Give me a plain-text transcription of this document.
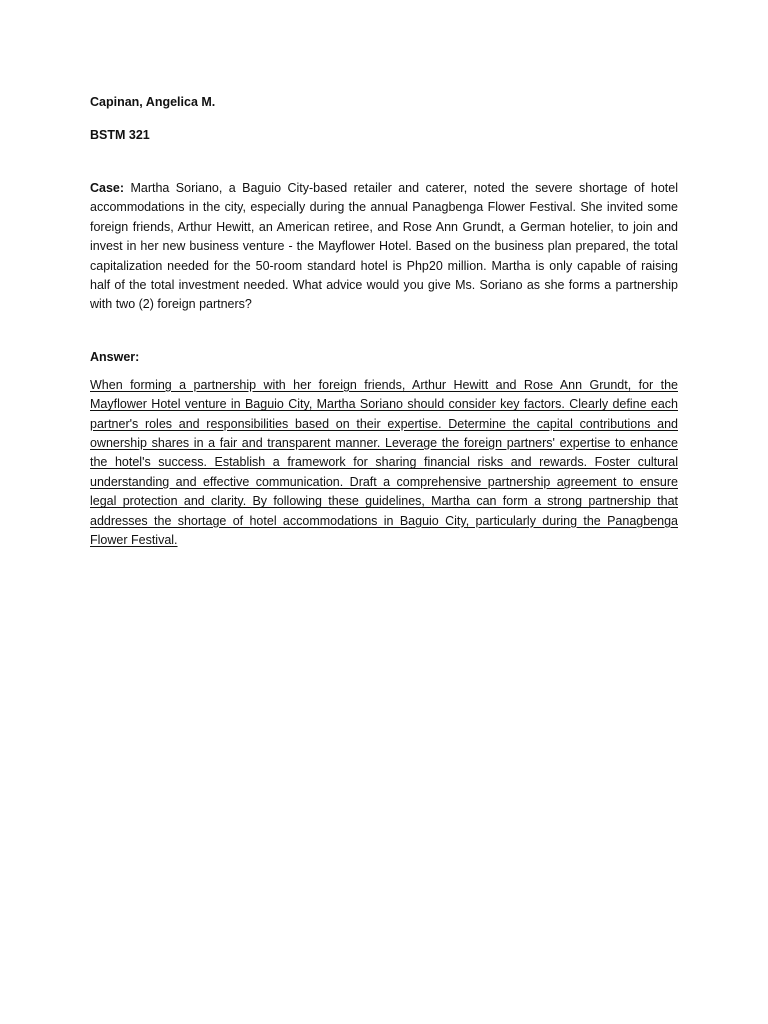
Capinan, Angelica M.

BSTM 321

Case: Martha Soriano, a Baguio City-based retailer and caterer, noted the severe shortage of hotel accommodations in the city, especially during the annual Panagbenga Flower Festival. She invited some foreign friends, Arthur Hewitt, an American retiree, and Rose Ann Grundt, a German hotelier, to join and invest in her new business venture - the Mayflower Hotel. Based on the business plan prepared, the total capitalization needed for the 50-room standard hotel is Php20 million. Martha is only capable of raising half of the total investment needed. What advice would you give Ms. Soriano as she forms a partnership with two (2) foreign partners?

Answer:

When forming a partnership with her foreign friends, Arthur Hewitt and Rose Ann Grundt, for the Mayflower Hotel venture in Baguio City, Martha Soriano should consider key factors. Clearly define each partner's roles and responsibilities based on their expertise. Determine the capital contributions and ownership shares in a fair and transparent manner. Leverage the foreign partners' expertise to enhance the hotel's success. Establish a framework for sharing financial risks and rewards. Foster cultural understanding and effective communication. Draft a comprehensive partnership agreement to ensure legal protection and clarity. By following these guidelines, Martha can form a strong partnership that addresses the shortage of hotel accommodations in Baguio City, particularly during the Panagbenga Flower Festival.
